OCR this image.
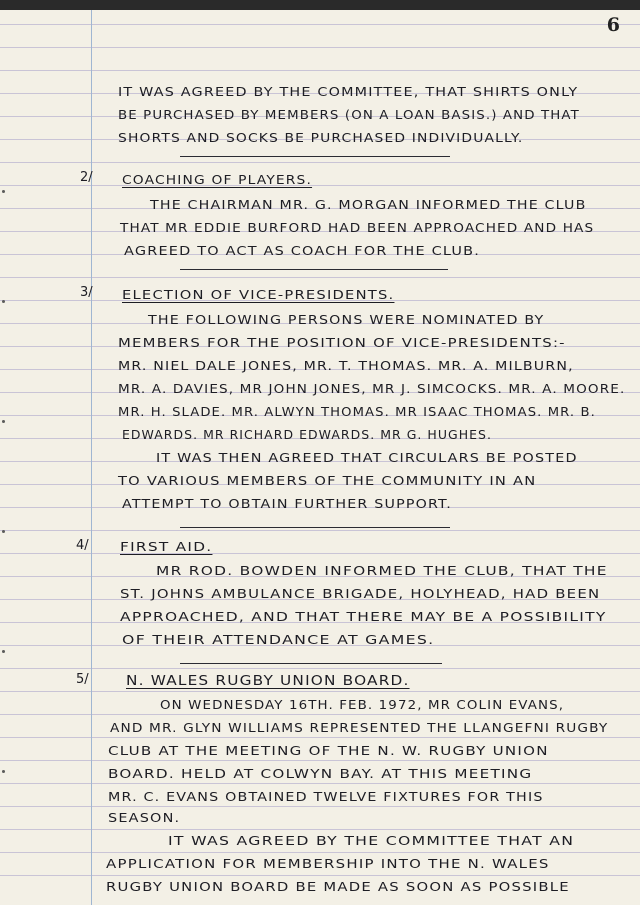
6
IT WAS AGREED BY THE COMMITTEE, THAT SHIRTS ONLY
BE PURCHASED BY MEMBERS (ON A LOAN BASIS.) AND THAT
SHORTS AND SOCKS BE PURCHASED INDIVIDUALLY.
2/ COACHING OF PLAYERS.
THE CHAIRMAN MR. G. MORGAN INFORMED THE CLUB
THAT MR EDDIE BURFORD HAD BEEN APPROACHED AND HAS
AGREED TO ACT AS COACH FOR THE CLUB.
3/ ELECTION OF VICE-PRESIDENTS.
THE FOLLOWING PERSONS WERE NOMINATED BY
MEMBERS FOR THE POSITION OF VICE-PRESIDENTS:-
MR. NIEL DALE JONES, MR. T. THOMAS. MR. A. MILBURN,
MR. A. DAVIES, MR JOHN JONES, MR J. SIMCOCKS. MR. A. MOORE.
MR. H. SLADE. MR. ALWYN THOMAS. MR ISAAC THOMAS. MR. B.
EDWARDS. MR RICHARD EDWARDS. MR G. HUGHES.
IT WAS THEN AGREED THAT CIRCULARS BE POSTED
TO VARIOUS MEMBERS OF THE COMMUNITY IN AN
ATTEMPT TO OBTAIN FURTHER SUPPORT.
4/	FIRST AID.
MR ROD. BOWDEN INFORMED THE CLUB, THAT THE
ST. JOHNS AMBULANCE BRIGADE, HOLYHEAD, HAD BEEN
APPROACHED, AND THAT THERE MAY BE A POSSIBILITY
OF THEIR ATTENDANCE AT GAMES.
5/	N. WALES RUGBY UNION BOARD.
ON WEDNESDAY 16TH. FEB. 1972, MR COLIN EVANS,
AND MR. GLYN WILLIAMS REPRESENTED THE LLANGEFNI RUGBY
CLUB AT THE MEETING OF THE N. W. RUGBY UNION
BOARD. HELD AT COLWYN BAY. AT THIS MEETING
MR. C. EVANS OBTAINED TWELVE FIXTURES FOR THIS
SEASON.
IT WAS AGREED BY THE COMMITTEE THAT AN
APPLICATION FOR MEMBERSHIP INTO THE N. WALES
RUGBY UNION BOARD BE MADE AS SOON AS POSSIBLE
